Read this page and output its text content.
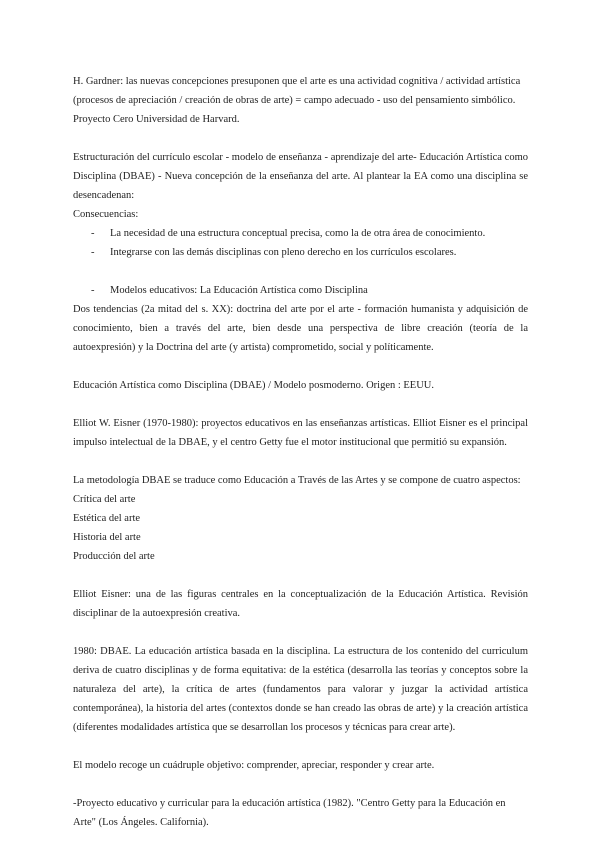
H. Gardner: las nuevas concepciones presuponen que el arte es una actividad cognitiva / actividad artística

(procesos de apreciación / creación de obras de arte) = campo adecuado - uso del pensamiento simbólico.

Proyecto Cero Universidad de Harvard.

Estructuración del currículo escolar - modelo de enseñanza - aprendizaje del arte- Educación Artística como Disciplina (DBAE) - Nueva concepción de la enseñanza del arte. Al plantear la EA como una disciplina se desencadenan:

Consecuencias:

- La necesidad de una estructura conceptual precisa, como la de otra área de conocimiento.
- Integrarse con las demás disciplinas con pleno derecho en los currículos escolares.
- Modelos educativos: La Educación Artística como Disciplina

Dos tendencias (2a mitad del s. XX): doctrina del arte por el arte - formación humanista y adquisición de conocimiento, bien a través del arte, bien desde una perspectiva de libre creación (teoría de la autoexpresión) y la Doctrina del arte (y artista) comprometido, social y políticamente.

Educación Artística como Disciplina (DBAE) / Modelo posmoderno. Origen : EEUU.

Elliot W. Eisner (1970-1980): proyectos educativos en las enseñanzas artísticas. Elliot Eisner es el principal impulso intelectual de la DBAE, y el centro Getty fue el motor institucional que permitió su expansión.

La metodología DBAE se traduce como Educación a Través de las Artes y se compone de cuatro aspectos:

Crítica del arte

Estética del arte

Historia del arte

Producción del arte

Elliot Eisner: una de las figuras centrales en la conceptualización de la Educación Artística. Revisión disciplinar de la autoexpresión creativa.

1980: DBAE. La educación artística basada en la disciplina. La estructura de los contenido del curriculum deriva de cuatro disciplinas y de forma equitativa: de la estética (desarrolla las teorías y conceptos sobre la naturaleza del arte), la crítica de artes (fundamentos para valorar y juzgar la actividad artística contemporánea), la historia del artes (contextos donde se han creado las obras de arte) y la creación artística (diferentes modalidades artística que se desarrollan los procesos y técnicas para crear arte).

El modelo recoge un cuádruple objetivo: comprender, apreciar, responder y crear arte.

-Proyecto educativo y curricular para la educación artística (1982). "Centro Getty para la Educación en Arte" (Los Ángeles. California).
